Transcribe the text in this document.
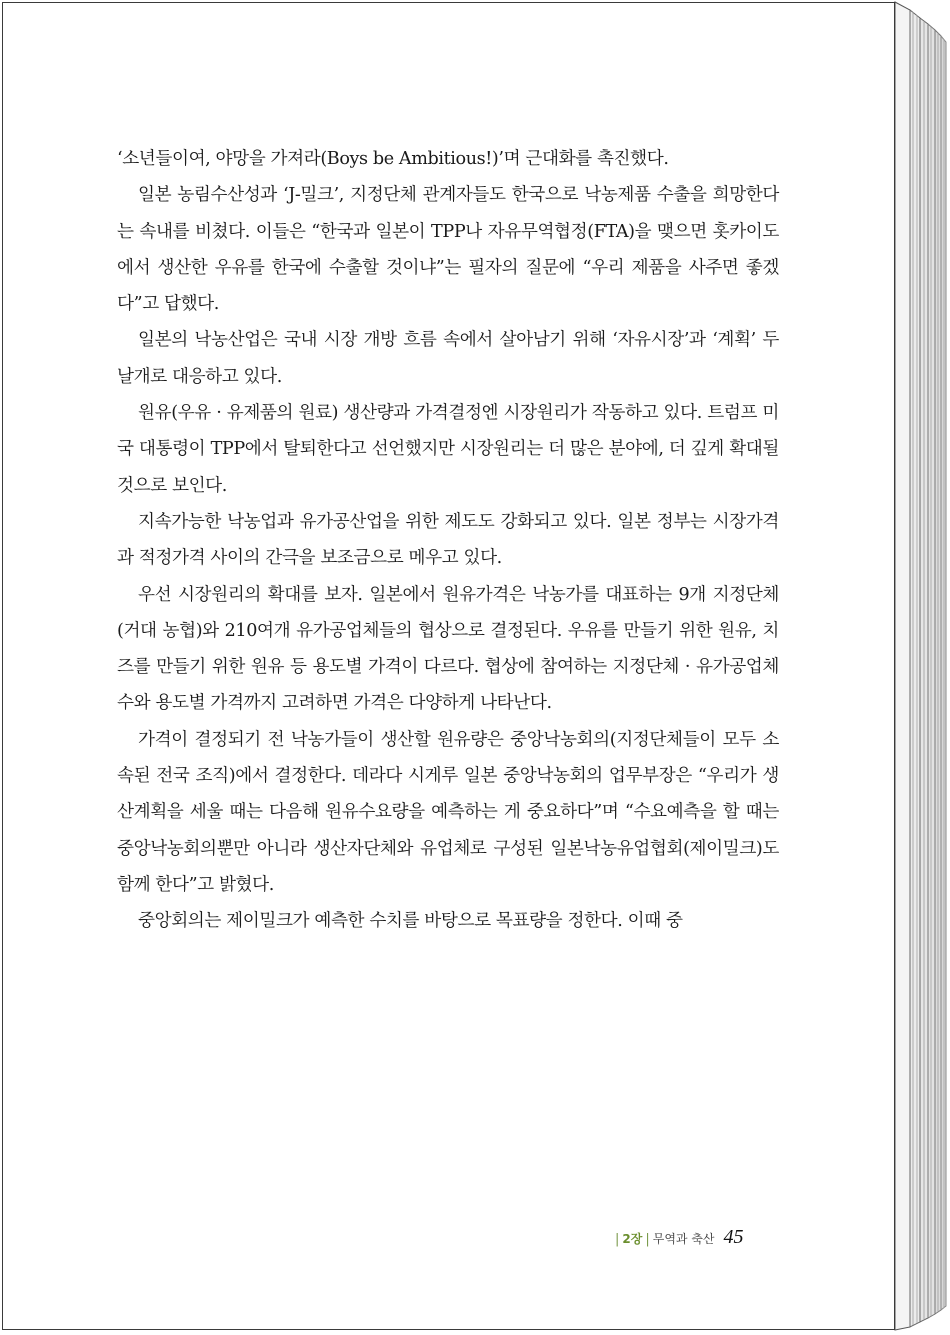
‘소년들이여, 야망을 가져라(Boys be Ambitious!)’며 근대화를 촉진했다.

일본 농림수산성과 ‘J-밀크’, 지정단체 관계자들도 한국으로 낙농제품 수출을 희망한다는 속내를 비쳤다. 이들은 “한국과 일본이 TPP나 자유무역협정(FTA)을 맺으면 홋카이도에서 생산한 우유를 한국에 수출할 것이냐”는 필자의 질문에 “우리 제품을 사주면 좋겠다”고 답했다.

일본의 낙농산업은 국내 시장 개방 흐름 속에서 살아남기 위해 ‘자유시장’과 ‘계획’ 두 날개로 대응하고 있다.

원유(우유 · 유제품의 원료) 생산량과 가격결정엔 시장원리가 작동하고 있다. 트럼프 미국 대통령이 TPP에서 탈퇴한다고 선언했지만 시장원리는 더 많은 분야에, 더 깊게 확대될 것으로 보인다.

지속가능한 낙농업과 유가공산업을 위한 제도도 강화되고 있다. 일본 정부는 시장가격과 적정가격 사이의 간극을 보조금으로 메우고 있다.

우선 시장원리의 확대를 보자. 일본에서 원유가격은 낙농가를 대표하는 9개 지정단체(거대 농협)와 210여개 유가공업체들의 협상으로 결정된다. 우유를 만들기 위한 원유, 치즈를 만들기 위한 원유 등 용도별 가격이 다르다. 협상에 참여하는 지정단체 · 유가공업체 수와 용도별 가격까지 고려하면 가격은 다양하게 나타난다.

가격이 결정되기 전 낙농가들이 생산할 원유량은 중앙낙농회의(지정단체들이 모두 소속된 전국 조직)에서 결정한다. 데라다 시게루 일본 중앙낙농회의 업무부장은 “우리가 생산계획을 세울 때는 다음해 원유수요량을 예측하는 게 중요하다”며 “수요예측을 할 때는 중앙낙농회의뿐만 아니라 생산자단체와 유업체로 구성된 일본낙농유업협회(제이밀크)도 함께 한다”고 밝혔다.

중앙회의는 제이밀크가 예측한 수치를 바탕으로 목표량을 정한다. 이때 중

| 2장 | 무역과 축산 45
